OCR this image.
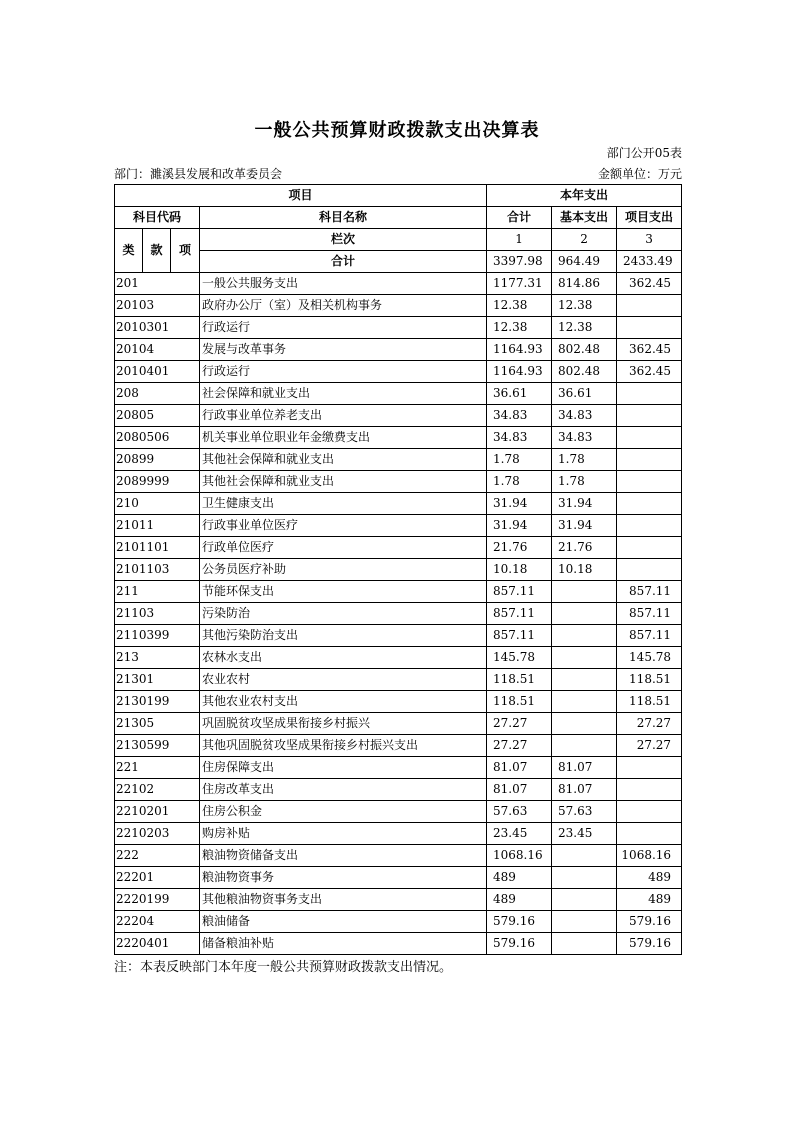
一般公共预算财政拨款支出决算表
部门公开05表
部门：濉溪县发展和改革委员会	金额单位：万元
项目				本年支出		
科目代码			科目名称	合计	基本支出	项目支出
类	款	项	栏次	1	2	3
			合计	3397.98	964.49	2433.49
201			一般公共服务支出	1177.31	814.86	362.45
20103			政府办公厅（室）及相关机构事务	12.38	12.38	
2010301			行政运行	12.38	12.38	
20104			发展与改革事务	1164.93	802.48	362.45
2010401			行政运行	1164.93	802.48	362.45
208			社会保障和就业支出	36.61	36.61	
20805			行政事业单位养老支出	34.83	34.83	
2080506			机关事业单位职业年金缴费支出	34.83	34.83	
20899			其他社会保障和就业支出	1.78	1.78	
2089999			其他社会保障和就业支出	1.78	1.78	
210			卫生健康支出	31.94	31.94	
21011			行政事业单位医疗	31.94	31.94	
2101101			行政单位医疗	21.76	21.76	
2101103			公务员医疗补助	10.18	10.18	
211			节能环保支出	857.11		857.11
21103			污染防治	857.11		857.11
2110399			其他污染防治支出	857.11		857.11
213			农林水支出	145.78		145.78
21301			农业农村	118.51		118.51
2130199			其他农业农村支出	118.51		118.51
21305			巩固脱贫攻坚成果衔接乡村振兴	27.27		27.27
2130599			其他巩固脱贫攻坚成果衔接乡村振兴支出	27.27		27.27
221			住房保障支出	81.07	81.07	
22102			住房改革支出	81.07	81.07	
2210201			住房公积金	57.63	57.63	
2210203			购房补贴	23.45	23.45	
222			粮油物资储备支出	1068.16		1068.16
22201			粮油物资事务	489		489
2220199			其他粮油物资事务支出	489		489
22204			粮油储备	579.16		579.16
2220401			储备粮油补贴	579.16		579.16
注：本表反映部门本年度一般公共预算财政拨款支出情况。
